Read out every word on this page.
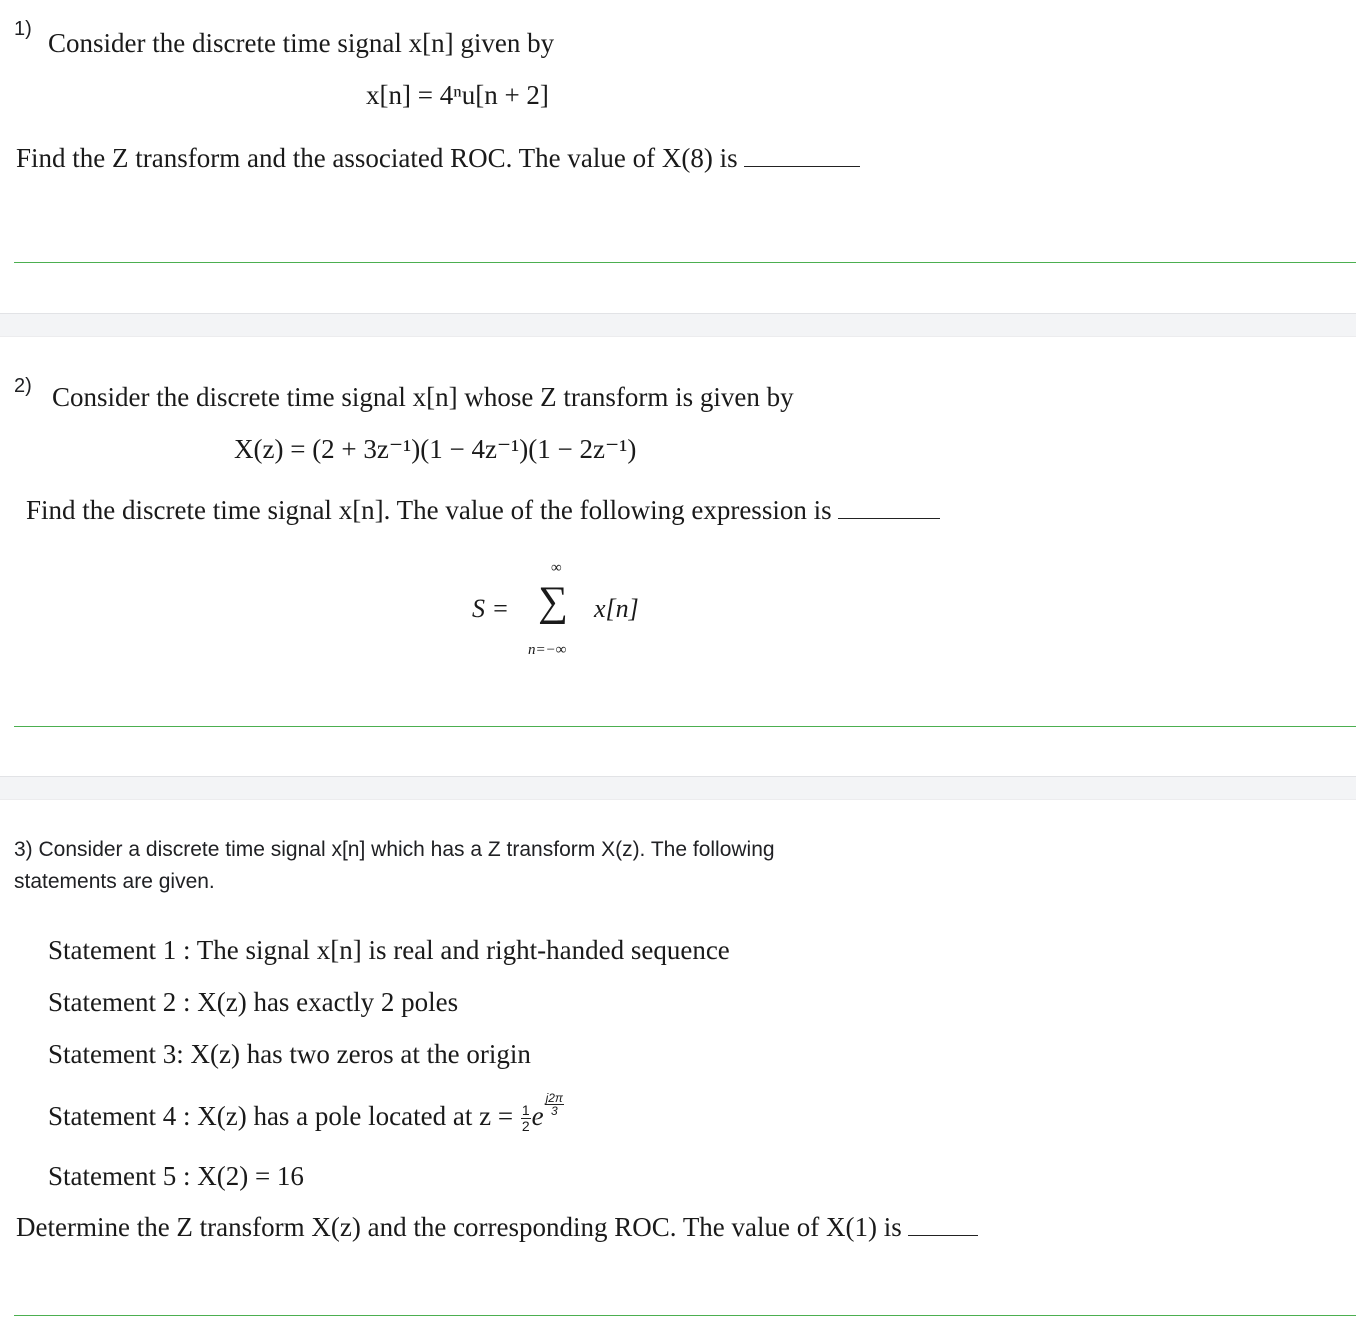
1) Consider the discrete time signal x[n] given by
x[n] = 4ⁿu[n + 2]
Find the Z transform and the associated ROC. The value of X(8) is
2) Consider the discrete time signal x[n] whose Z transform is given by
X(z) = (2 + 3z⁻¹)(1 − 4z⁻¹)(1 − 2z⁻¹)
Find the discrete time signal x[n]. The value of the following expression is
S =
∞
∑
n=−∞
x[n]
3) Consider a discrete time signal x[n] which has a Z transform X(z). The following statements are given.
Statement 1 : The signal x[n] is real and right-handed sequence
Statement 2 : X(z) has exactly 2 poles
Statement 3: X(z) has two zeros at the origin
Statement 4 : X(z) has a pole located at $z = \frac{1}{2}$ e $\frac{j2\pi}{3}$
Statement 5 : X(2) = 16
Determine the Z transform X(z) and the corresponding ROC. The value of X(1) is
